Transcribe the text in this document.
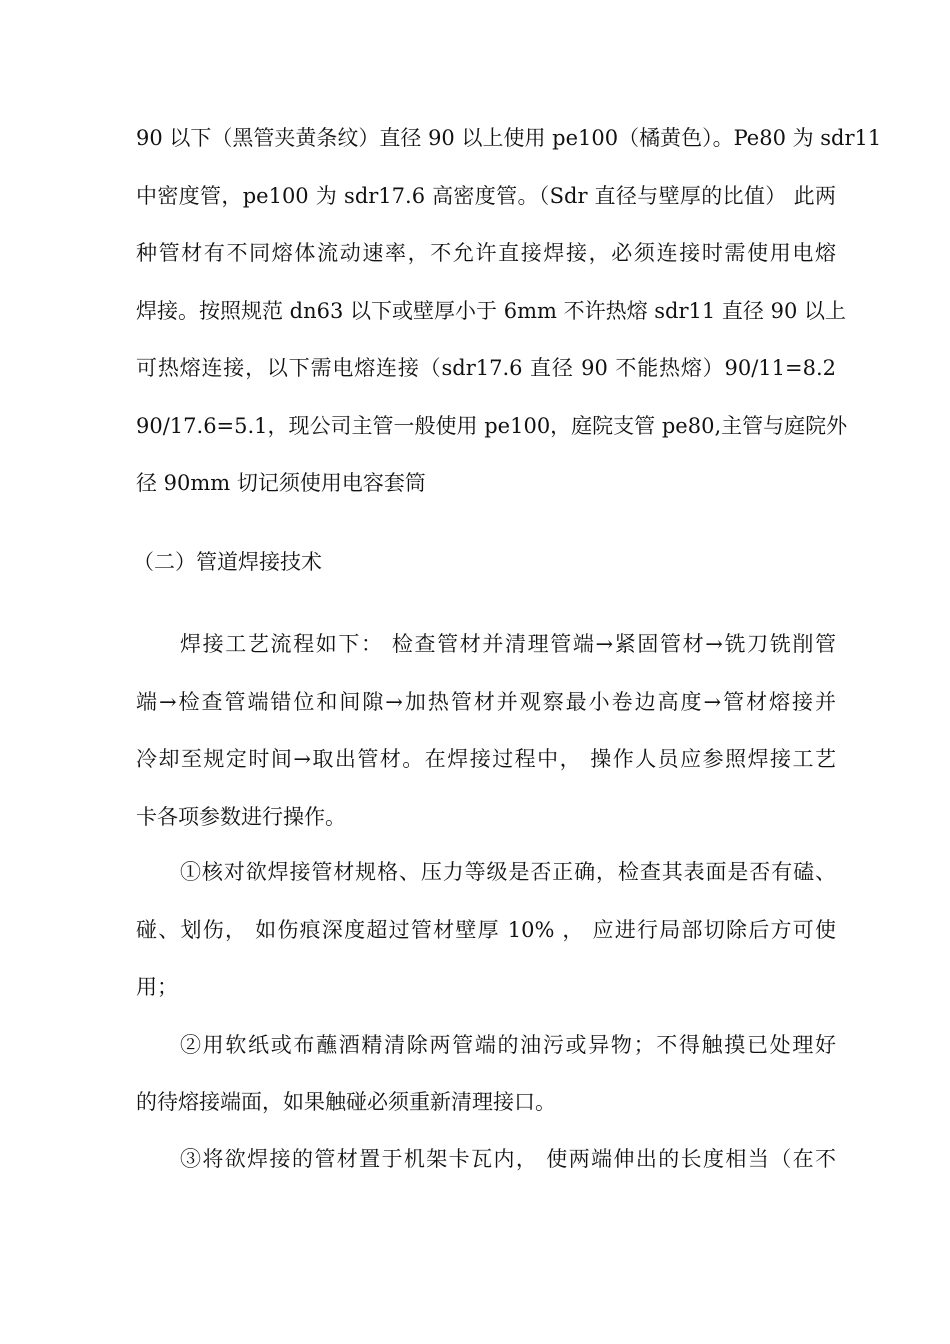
90 以下（黑管夹黄条纹）直径 90 以上使用 pe100（橘黄色）。Pe80 为 sdr11
中密度管，pe100 为 sdr17.6 高密度管。（Sdr 直径与壁厚的比值） 此两
种管材有不同熔体流动速率，不允许直接焊接，必须连接时需使用电熔
焊接。按照规范 dn63 以下或壁厚小于 6mm 不许热熔 sdr11 直径 90 以上
可热熔连接，以下需电熔连接（sdr17.6 直径 90 不能热熔）90/11=8.2
90/17.6=5.1，现公司主管一般使用 pe100，庭院支管 pe80,主管与庭院外
径 90mm 切记须使用电容套筒
（二）管道焊接技术
焊接工艺流程如下： 检查管材并清理管端→紧固管材→铣刀铣削管
端→检查管端错位和间隙→加热管材并观察最小卷边高度→管材熔接并
冷却至规定时间→取出管材。在焊接过程中， 操作人员应参照焊接工艺
卡各项参数进行操作。
①核对欲焊接管材规格、压力等级是否正确，检查其表面是否有磕、
碰、划伤， 如伤痕深度超过管材壁厚 10% ， 应进行局部切除后方可使
用；
②用软纸或布蘸酒精清除两管端的油污或异物；不得触摸已处理好
的待熔接端面，如果触碰必须重新清理接口。
③将欲焊接的管材置于机架卡瓦内， 使两端伸出的长度相当（在不
